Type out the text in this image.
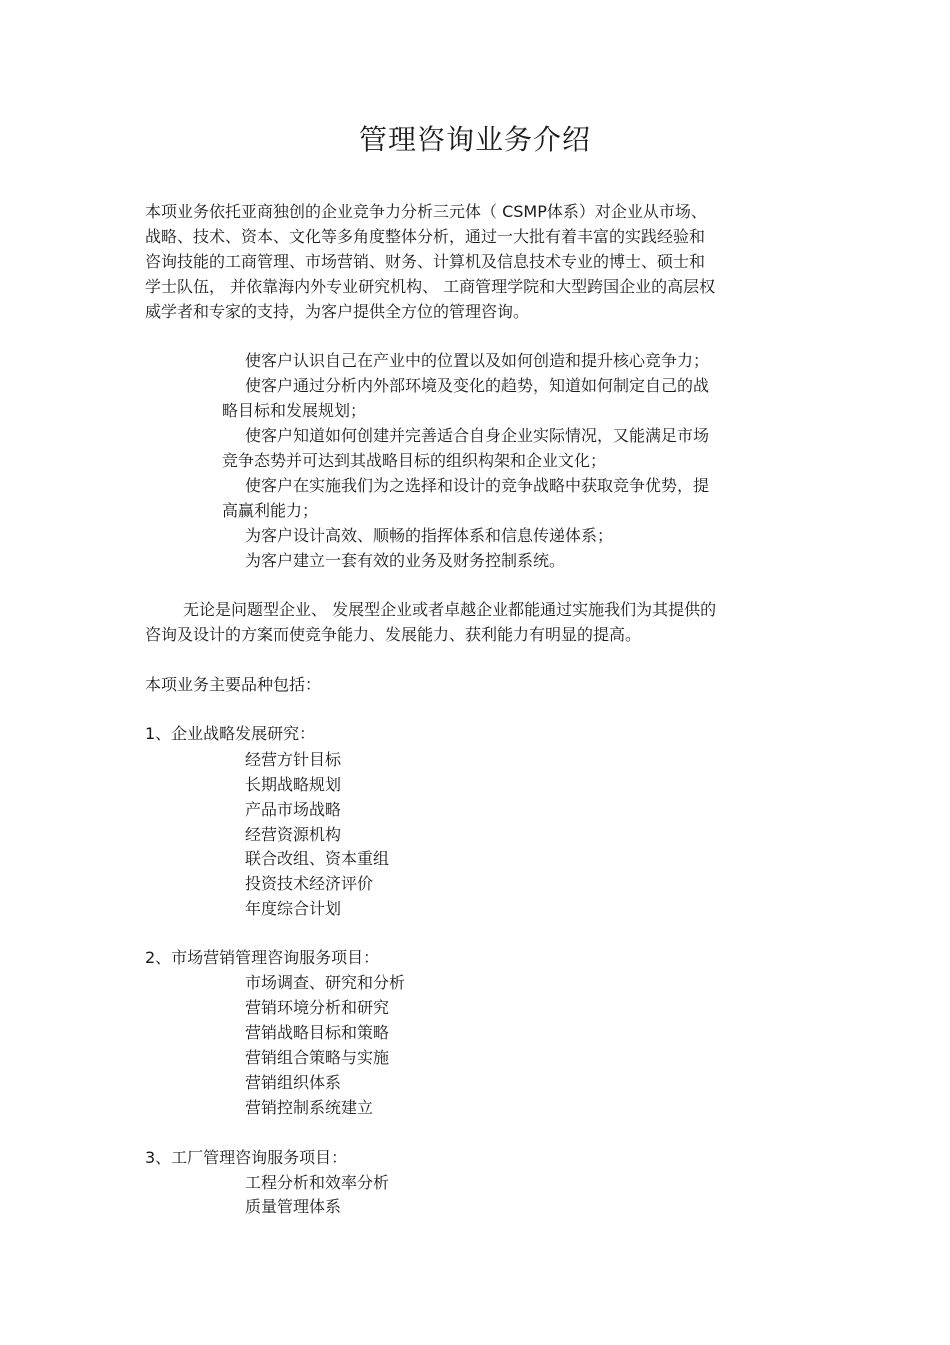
管理咨询业务介绍
本项业务依托亚商独创的企业竞争力分析三元体（ CSMP体系）对企业从市场、
战略、技术、资本、文化等多角度整体分析，通过一大批有着丰富的实践经验和
咨询技能的工商管理、市场营销、财务、计算机及信息技术专业的博士、硕士和
学士队伍， 并依靠海内外专业研究机构、 工商管理学院和大型跨国企业的高层权
威学者和专家的支持，为客户提供全方位的管理咨询。
使客户认识自己在产业中的位置以及如何创造和提升核心竞争力；
使客户通过分析内外部环境及变化的趋势，知道如何制定自己的战
略目标和发展规划；
使客户知道如何创建并完善适合自身企业实际情况，又能满足市场
竞争态势并可达到其战略目标的组织构架和企业文化；
使客户在实施我们为之选择和设计的竞争战略中获取竞争优势，提
高赢利能力；
为客户设计高效、顺畅的指挥体系和信息传递体系；
为客户建立一套有效的业务及财务控制系统。
无论是问题型企业、 发展型企业或者卓越企业都能通过实施我们为其提供的
咨询及设计的方案而使竞争能力、发展能力、获利能力有明显的提高。
本项业务主要品种包括：
1、企业战略发展研究：
经营方针目标
长期战略规划
产品市场战略
经营资源机构
联合改组、资本重组
投资技术经济评价
年度综合计划
2、市场营销管理咨询服务项目：
市场调查、研究和分析
营销环境分析和研究
营销战略目标和策略
营销组合策略与实施
营销组织体系
营销控制系统建立
3、工厂管理咨询服务项目：
工程分析和效率分析
质量管理体系
